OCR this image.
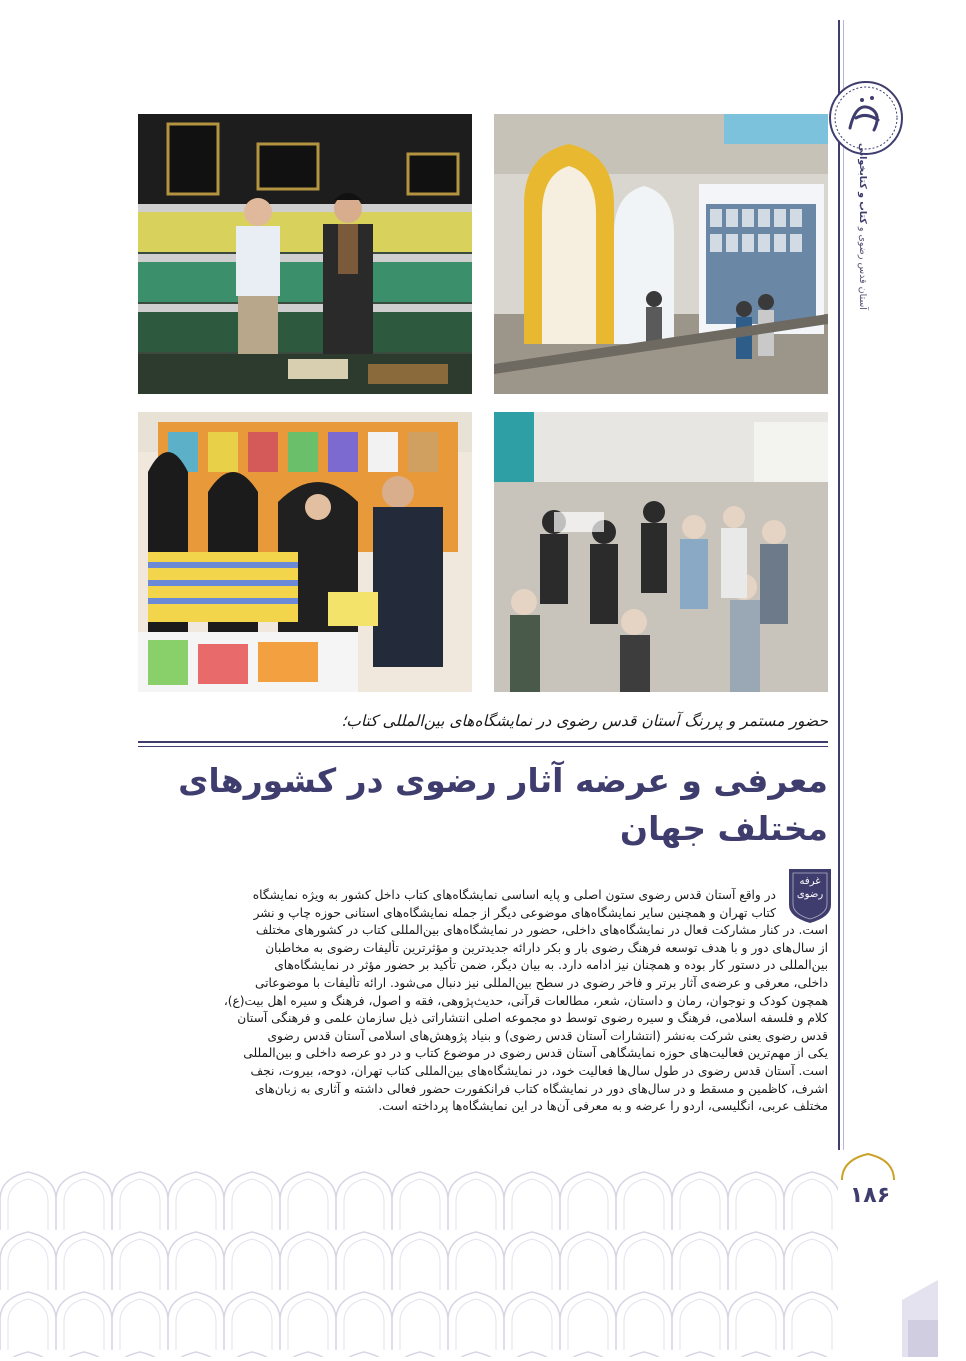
آستان قدس رضوی و کتاب و کتابخوانی
حضور مستمر و پررنگ آستان قدس رضوی در نمایشگاه‌های بین‌المللی کتاب؛
معرفی و عرضه آثار رضوی در کشورهای مختلف جهان
غرفه
رضوی
در واقع آستان قدس رضوی ستون اصلی و پایه اساسی نمایشگاه‌های کتاب داخل کشور به ویژه نمایشگاه
کتاب تهران و همچنین سایر نمایشگاه‌های موضوعی دیگر از جمله نمایشگاه‌های استانی حوزه چاپ و نشر
است. در کنار مشارکت فعال در نمایشگاه‌های داخلی، حضور در نمایشگاه‌های بین‌المللی کتاب در کشورهای مختلف
از سال‌های دور و با هدف توسعه فرهنگ رضوی بار و بکر دارائه جدیدترین و مؤثرترین تألیفات رضوی به مخاطبان
بین‌المللی در دستور کار بوده و همچنان نیز ادامه دارد. به بیان دیگر، ضمن تأکید بر حضور مؤثر در نمایشگاه‌های
داخلی، معرفی و عرضه‌ی آثار برتر و فاخر رضوی در سطح بین‌المللی نیز دنبال می‌شود. ارائه تألیفات با موضوعاتی
همچون کودک و نوجوان، رمان و داستان، شعر، مطالعات قرآنی، حدیث‌پژوهی، فقه و اصول، فرهنگ و سیره اهل بیت(ع)،
کلام و فلسفه اسلامی، فرهنگ و سیره رضوی توسط دو مجموعه اصلی انتشاراتی ذیل سازمان علمی و فرهنگی آستان
قدس رضوی یعنی شرکت به‌نشر (انتشارات آستان قدس رضوی) و بنیاد پژوهش‌های اسلامی آستان قدس رضوی
یکی از مهم‌ترین فعالیت‌های حوزه نمایشگاهی آستان قدس رضوی در موضوع کتاب و در دو عرصه داخلی و بین‌المللی
است. آستان قدس رضوی در طول سال‌ها فعالیت خود، در نمایشگاه‌های بین‌المللی کتاب تهران، دوحه، بیروت، نجف
اشرف، کاظمین و مسقط و در سال‌های دور در نمایشگاه کتاب فرانکفورت حضور فعالی داشته و آثاری به زبان‌های
مختلف عربی، انگلیسی، اردو را عرضه و به معرفی آن‌ها در این نمایشگاه‌ها پرداخته است.
۱۸۶
